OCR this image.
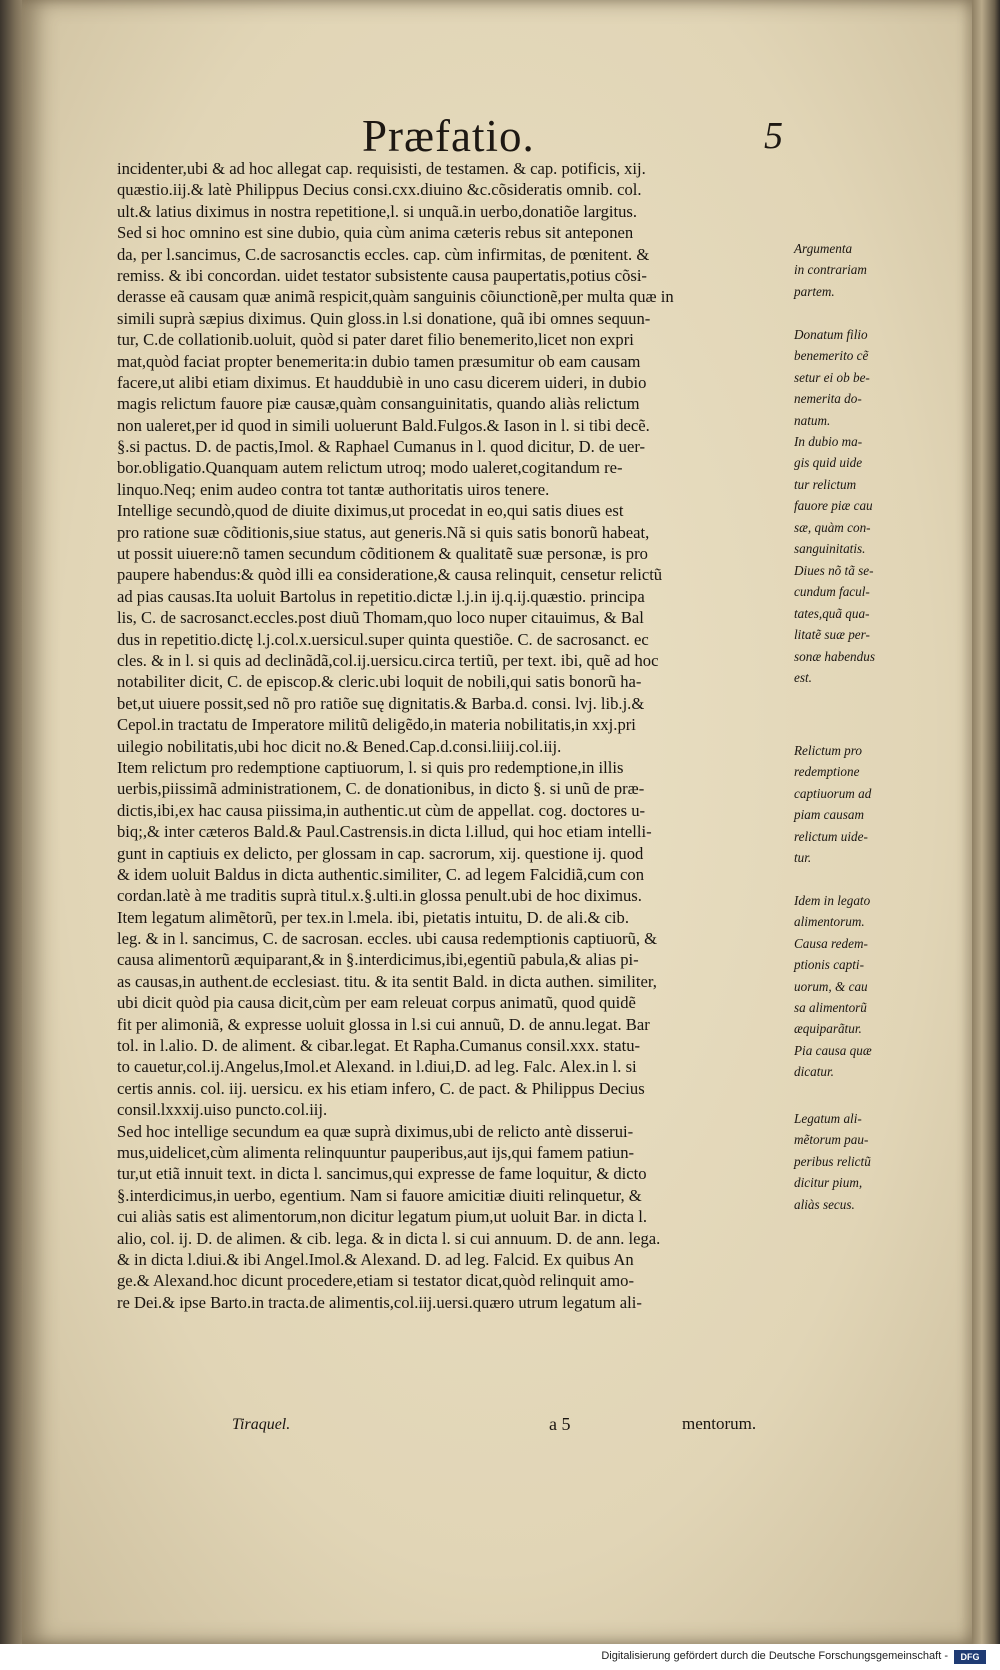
Præfatio.	5
incidenter,ubi & ad hoc allegat cap. requisisti, de testamen. & cap. potificis, xij.
quæstio.iij.& latè Philippus Decius consi.cxx.diuino &c.cõsideratis omnib. col.
ult.& latius diximus in nostra repetitione,l. si unquã.in uerbo,donatiõe largitus.
Sed si hoc omnino est sine dubio, quia cùm anima cæteris rebus sit anteponen
da, per l.sancimus, C.de sacrosanctis eccles. cap. cùm infirmitas, de pœnitent. &
remiss. & ibi concordan. uidet testator subsistente causa paupertatis,potius cõsi-
derasse eã causam quæ animã respicit,quàm sanguinis cõiunctionẽ,per multa quæ in
simili suprà sæpius diximus. Quin gloss.in l.si donatione, quã ibi omnes sequun-
tur, C.de collationib.uoluit, quòd si pater daret filio benemerito,licet non expri
mat,quòd faciat propter benemerita:in dubio tamen præsumitur ob eam causam
facere,ut alibi etiam diximus. Et hauddubiè in uno casu dicerem uideri, in dubio
magis relictum fauore piæ causæ,quàm consanguinitatis, quando aliàs relictum
non ualeret,per id quod in simili uoluerunt Bald.Fulgos.& Iason in l. si tibi decẽ.
§.si pactus. D. de pactis,Imol. & Raphael Cumanus in l. quod dicitur, D. de uer-
bor.obligatio.Quanquam autem relictum utroq; modo ualeret,cogitandum re-
linquo.Neq; enim audeo contra tot tantæ authoritatis uiros tenere.
Intellige secundò,quod de diuite diximus,ut procedat in eo,qui satis diues est
pro ratione suæ cõditionis,siue status, aut generis.Nã si quis satis bonorũ habeat,
ut possit uiuere:nõ tamen secundum cõditionem & qualitatẽ suæ personæ, is pro
paupere habendus:& quòd illi ea consideratione,& causa relinquit, censetur relictũ
ad pias causas.Ita uoluit Bartolus in repetitio.dictæ l.j.in ij.q.ij.quæstio. principa
lis, C. de sacrosanct.eccles.post diuũ Thomam,quo loco nuper citauimus, & Bal
dus in repetitio.dictę l.j.col.x.uersicul.super quinta questiõe. C. de sacrosanct. ec
cles. & in l. si quis ad declinãdã,col.ij.uersicu.circa tertiũ, per text. ibi, quẽ ad hoc
notabiliter dicit, C. de episcop.& cleric.ubi loquit de nobili,qui satis bonorũ ha-
bet,ut uiuere possit,sed nõ pro ratiõe suę dignitatis.& Barba.d. consi. lvj. lib.j.&
Cepol.in tractatu de Imperatore militũ deligẽdo,in materia nobilitatis,in xxj.pri
uilegio nobilitatis,ubi hoc dicit no.& Bened.Cap.d.consi.liiij.col.iij.
Item relictum pro redemptione captiuorum, l. si quis pro redemptione,in illis
uerbis,piissimã administrationem, C. de donationibus, in dicto §. si unũ de præ-
dictis,ibi,ex hac causa piissima,in authentic.ut cùm de appellat. cog. doctores u-
biq;,& inter cæteros Bald.& Paul.Castrensis.in dicta l.illud, qui hoc etiam intelli-
gunt in captiuis ex delicto, per glossam in cap. sacrorum, xij. questione ij. quod
& idem uoluit Baldus in dicta authentic.similiter, C. ad legem Falcidiã,cum con
cordan.latè à me traditis suprà titul.x.§.ulti.in glossa penult.ubi de hoc diximus.
Item legatum alimẽtorũ, per tex.in l.mela. ibi, pietatis intuitu, D. de ali.& cib.
leg. & in l. sancimus, C. de sacrosan. eccles. ubi causa redemptionis captiuorũ, &
causa alimentorũ æquiparant,& in §.interdicimus,ibi,egentiũ pabula,& alias pi-
as causas,in authent.de ecclesiast. titu. & ita sentit Bald. in dicta authen. similiter,
ubi dicit quòd pia causa dicit,cùm per eam releuat corpus animatũ, quod quidẽ
fit per alimoniã, & expresse uoluit glossa in l.si cui annuũ, D. de annu.legat. Bar
tol. in l.alio. D. de aliment. & cibar.legat. Et Rapha.Cumanus consil.xxx. statu-
to cauetur,col.ij.Angelus,Imol.et Alexand. in l.diui,D. ad leg. Falc. Alex.in l. si
certis annis. col. iij. uersicu. ex his etiam infero, C. de pact. & Philippus Decius
consil.lxxxij.uiso puncto.col.iij.
Sed hoc intellige secundum ea quæ suprà diximus,ubi de relicto antè disserui-
mus,uidelicet,cùm alimenta relinquuntur pauperibus,aut ijs,qui famem patiun-
tur,ut etiã innuit text. in dicta l. sancimus,qui expresse de fame loquitur, & dicto
§.interdicimus,in uerbo, egentium. Nam si fauore amicitiæ diuiti relinquetur, &
cui aliàs satis est alimentorum,non dicitur legatum pium,ut uoluit Bar. in dicta l.
alio, col. ij. D. de alimen. & cib. lega. & in dicta l. si cui annuum. D. de ann. lega.
& in dicta l.diui.& ibi Angel.Imol.& Alexand. D. ad leg. Falcid. Ex quibus An
ge.& Alexand.hoc dicunt procedere,etiam si testator dicat,quòd relinquit amo-
re Dei.& ipse Barto.in tracta.de alimentis,col.iij.uersi.quæro utrum legatum ali-
Argumenta
in contrariam
partem.
Donatum filio
benemerito cẽ
setur ei ob be-
nemerita do-
natum.
In dubio ma-
gis quid uide
tur relictum
fauore piæ cau
sæ, quàm con-
sanguinitatis.
Diues nõ tã se-
cundum facul-
tates,quã qua-
litatẽ suæ per-
sonæ habendus
est.
Relictum pro
redemptione
captiuorum ad
piam causam
relictum uide-
tur.
Idem in legato
alimentorum.
Causa redem-
ptionis capti-
uorum, & cau
sa alimentorũ
æquiparãtur.
Pia causa quæ
dicatur.
Legatum ali-
mẽtorum pau-
peribus relictũ
dicitur pium,
aliàs secus.
Tiraquel.	a 5	mentorum.
Digitalisierung gefördert durch die Deutsche Forschungsgemeinschaft -	DFG
